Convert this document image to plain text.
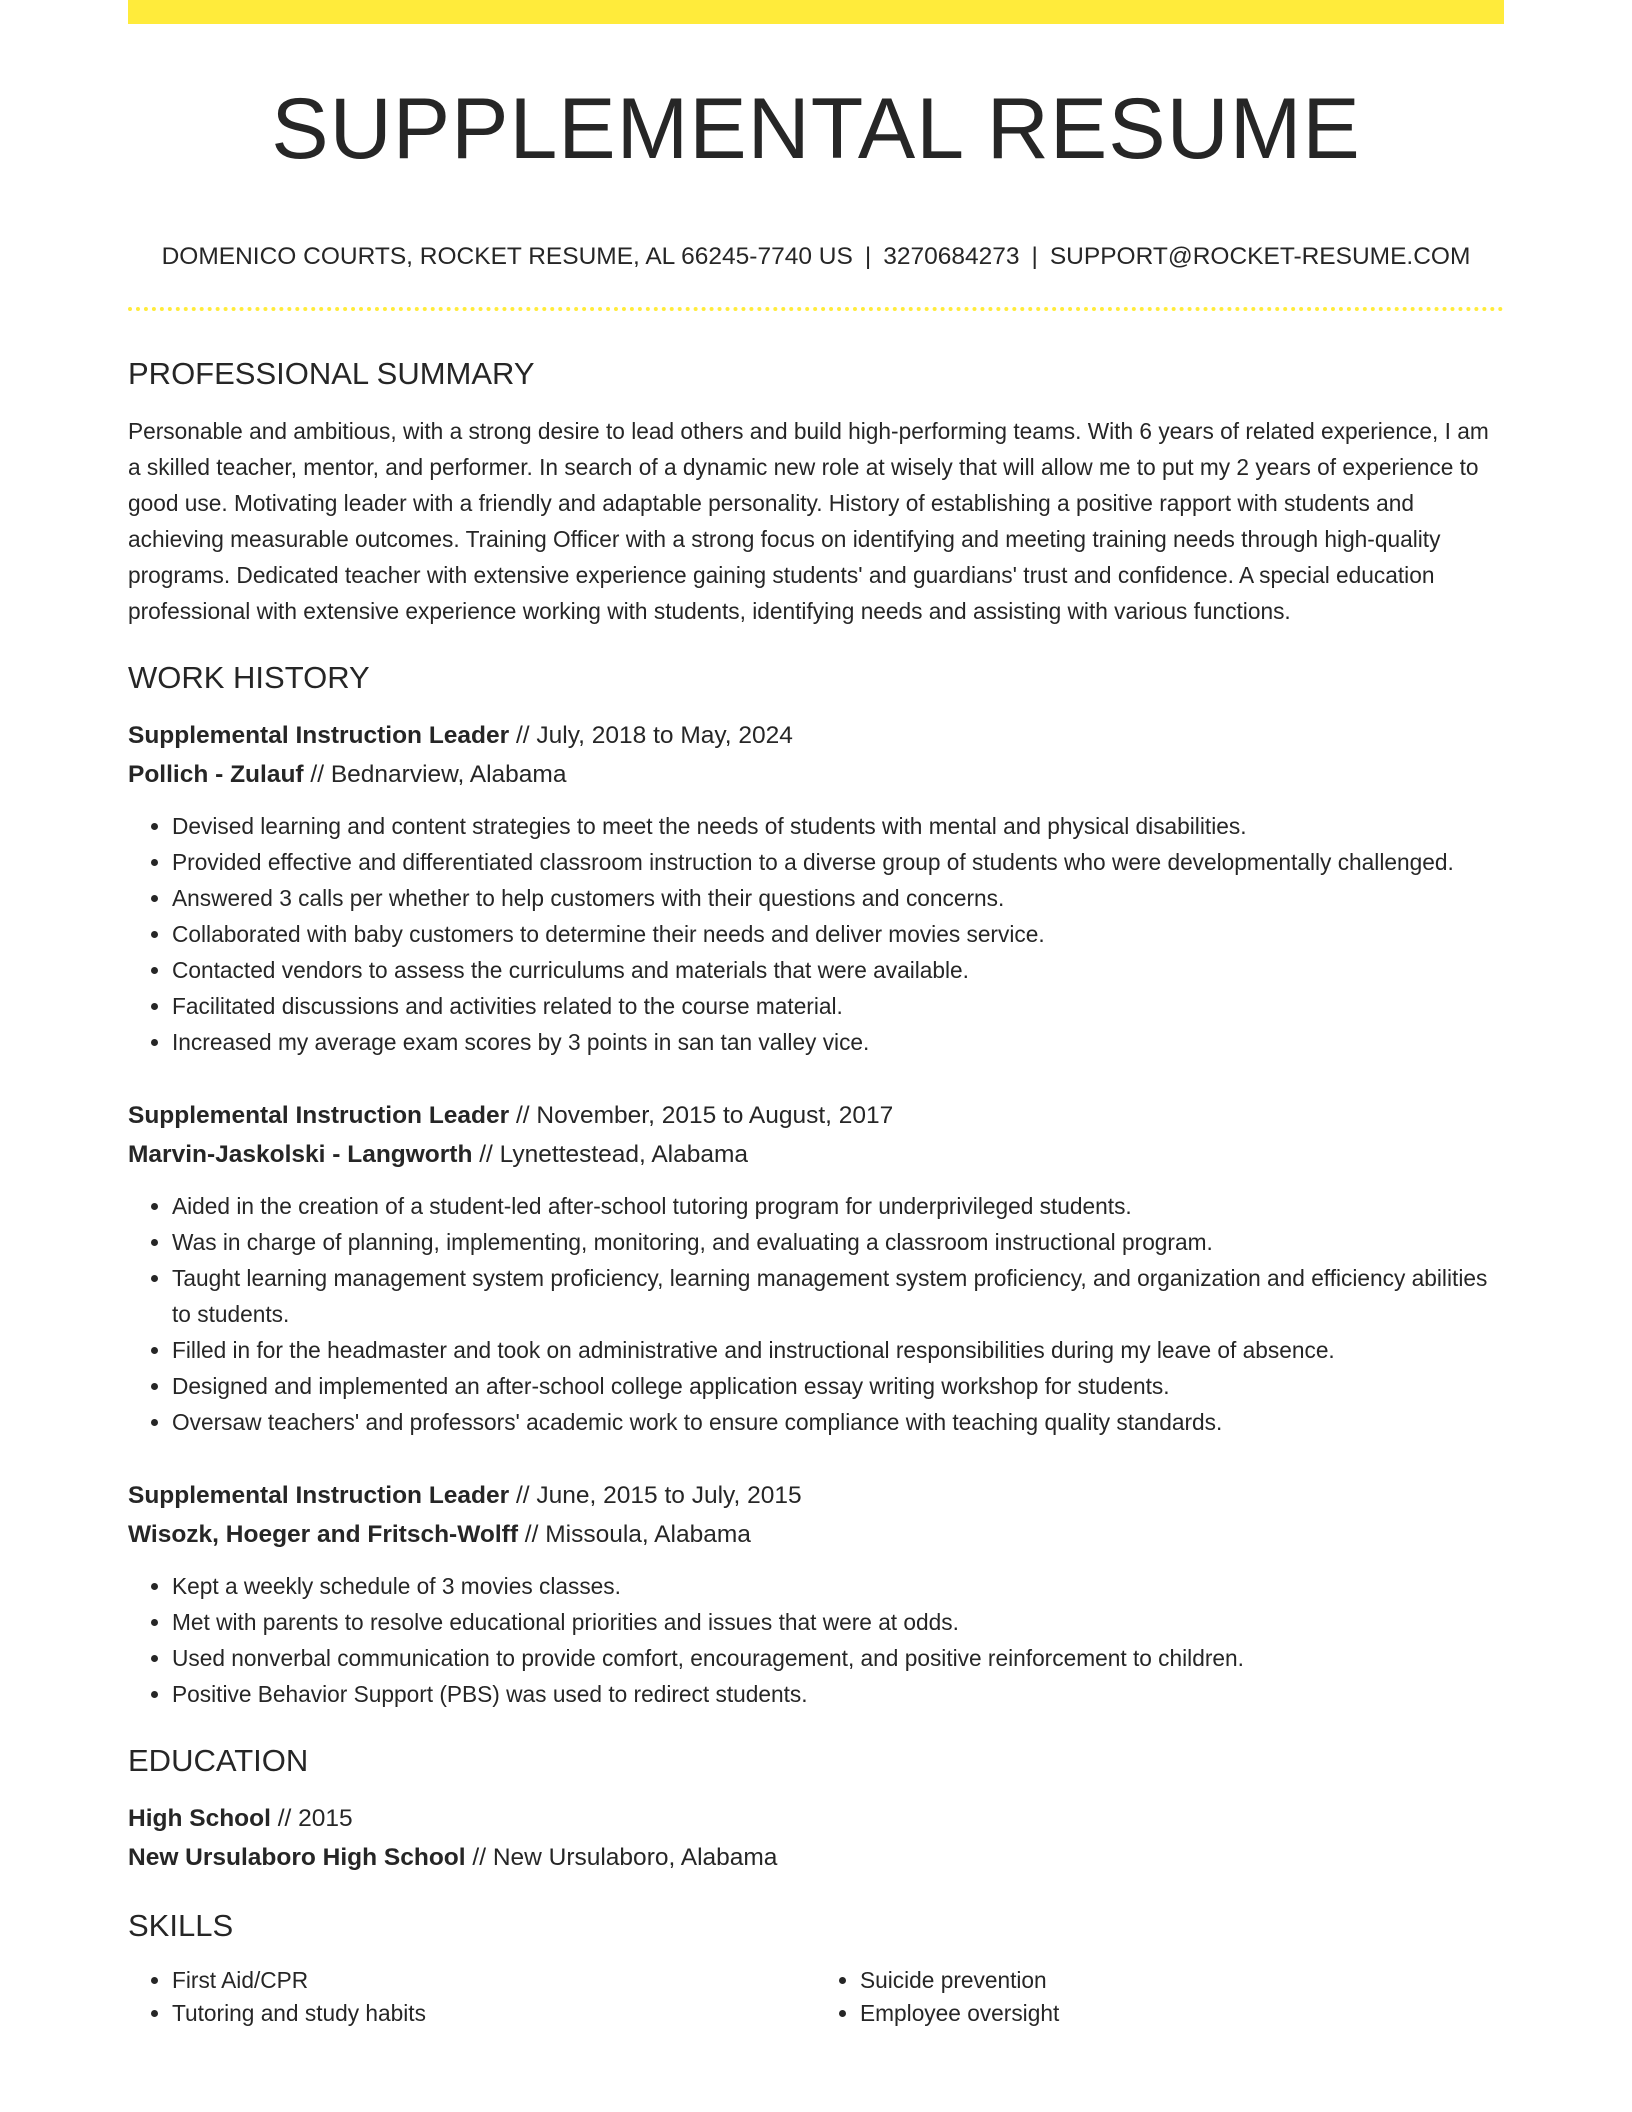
SUPPLEMENTAL RESUME
DOMENICO COURTS, ROCKET RESUME, AL 66245-7740 US | 3270684273 | SUPPORT@ROCKET-RESUME.COM
PROFESSIONAL SUMMARY

Personable and ambitious, with a strong desire to lead others and build high-performing teams. With 6 years of related experience, I am a skilled teacher, mentor, and performer. In search of a dynamic new role at wisely that will allow me to put my 2 years of experience to good use. Motivating leader with a friendly and adaptable personality. History of establishing a positive rapport with students and achieving measurable outcomes. Training Officer with a strong focus on identifying and meeting training needs through high-quality programs. Dedicated teacher with extensive experience gaining students' and guardians' trust and confidence. A special education professional with extensive experience working with students, identifying needs and assisting with various functions.

WORK HISTORY
Supplemental Instruction Leader // July, 2018 to May, 2024
Pollich - Zulauf // Bednarview, Alabama
• Devised learning and content strategies to meet the needs of students with mental and physical disabilities.
• Provided effective and differentiated classroom instruction to a diverse group of students who were developmentally challenged.
• Answered 3 calls per whether to help customers with their questions and concerns.
• Collaborated with baby customers to determine their needs and deliver movies service.
• Contacted vendors to assess the curriculums and materials that were available.
• Facilitated discussions and activities related to the course material.
• Increased my average exam scores by 3 points in san tan valley vice.
Supplemental Instruction Leader // November, 2015 to August, 2017
Marvin-Jaskolski - Langworth // Lynettestead, Alabama
• Aided in the creation of a student-led after-school tutoring program for underprivileged students.
• Was in charge of planning, implementing, monitoring, and evaluating a classroom instructional program.
• Taught learning management system proficiency, learning management system proficiency, and organization and efficiency abilities to students.
• Filled in for the headmaster and took on administrative and instructional responsibilities during my leave of absence.
• Designed and implemented an after-school college application essay writing workshop for students.
• Oversaw teachers' and professors' academic work to ensure compliance with teaching quality standards.
Supplemental Instruction Leader // June, 2015 to July, 2015
Wisozk, Hoeger and Fritsch-Wolff // Missoula, Alabama
• Kept a weekly schedule of 3 movies classes.
• Met with parents to resolve educational priorities and issues that were at odds.
• Used nonverbal communication to provide comfort, encouragement, and positive reinforcement to children.
• Positive Behavior Support (PBS) was used to redirect students.
EDUCATION
High School // 2015
New Ursulaboro High School // New Ursulaboro, Alabama
SKILLS
• First Aid/CPR
• Tutoring and study habits
• Suicide prevention
• Employee oversight
